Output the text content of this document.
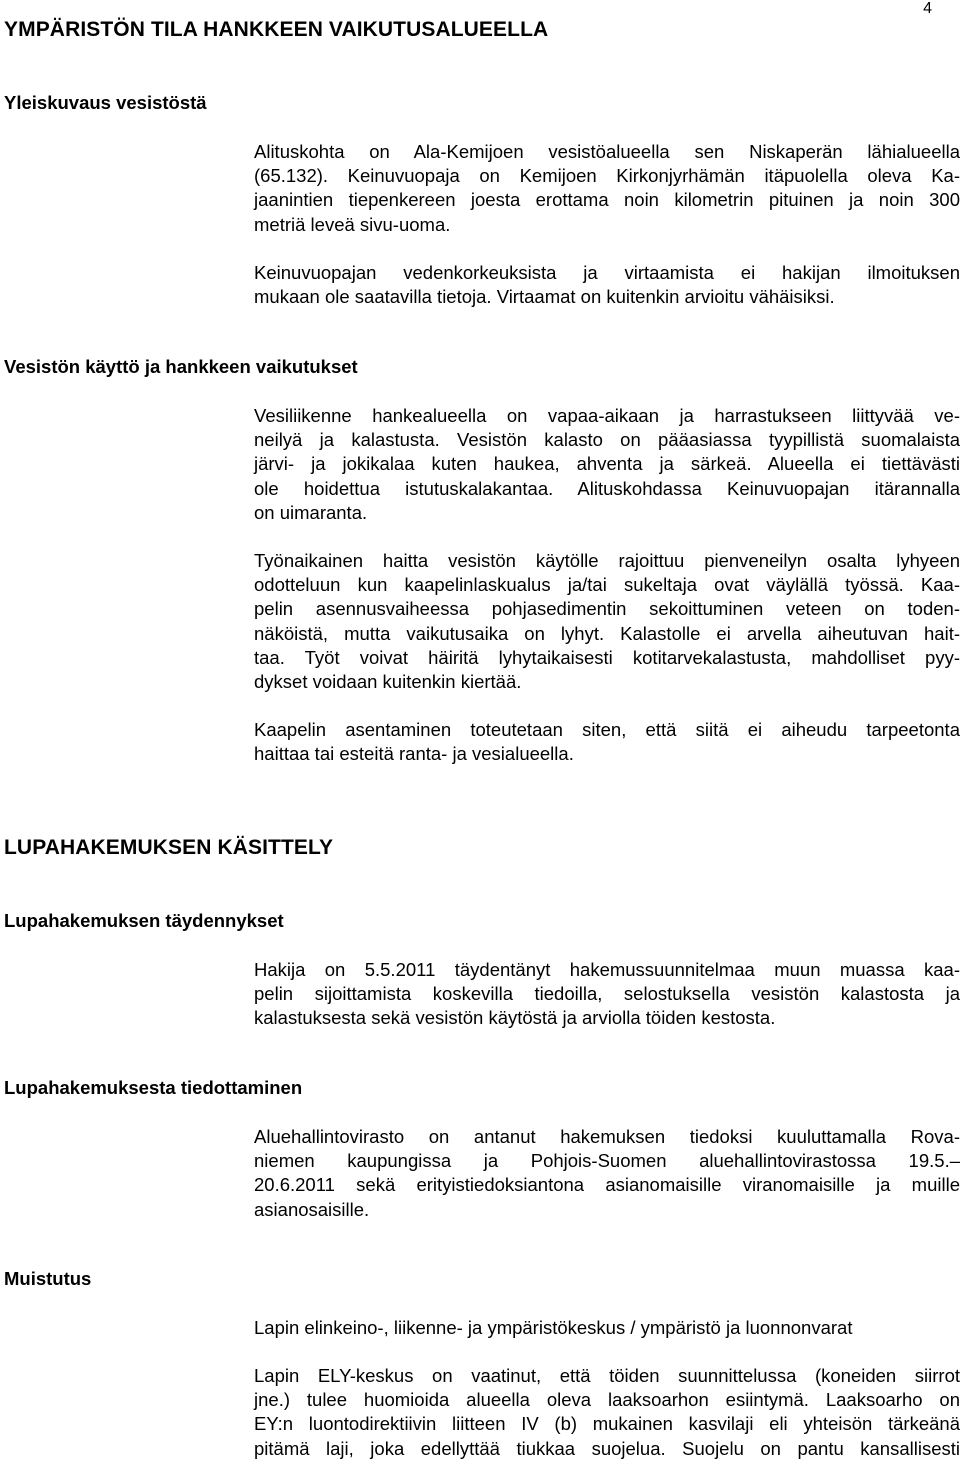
4
YMPÄRISTÖN TILA HANKKEEN VAIKUTUSALUEELLA
Yleiskuvaus vesistöstä
Alituskohta on Ala-Kemijoen vesistöalueella sen Niskaperän lähialueella
(65.132). Keinuvuopaja on Kemijoen Kirkonjyrhämän itäpuolella oleva Ka-
jaanintien tiepenkereen joesta erottama noin kilometrin pituinen ja noin 300
metriä leveä sivu-uoma.
Keinuvuopajan vedenkorkeuksista ja virtaamista ei hakijan ilmoituksen
mukaan ole saatavilla tietoja. Virtaamat on kuitenkin arvioitu vähäisiksi.
Vesistön käyttö ja hankkeen vaikutukset
Vesiliikenne hankealueella on vapaa-aikaan ja harrastukseen liittyvää ve-
neilyä ja kalastusta. Vesistön kalasto on pääasiassa tyypillistä suomalaista
järvi- ja jokikalaa kuten haukea, ahventa ja särkeä. Alueella ei tiettävästi
ole hoidettua istutuskalakantaa. Alituskohdassa Keinuvuopajan itärannalla
on uimaranta.
Työnaikainen haitta vesistön käytölle rajoittuu pienveneilyn osalta lyhyeen
odotteluun kun kaapelinlaskualus ja/tai sukeltaja ovat väylällä työssä. Kaa-
pelin asennusvaiheessa pohjasedimentin sekoittuminen veteen on toden-
näköistä, mutta vaikutusaika on lyhyt. Kalastolle ei arvella aiheutuvan hait-
taa. Työt voivat häiritä lyhytaikaisesti kotitarvekalastusta, mahdolliset pyy-
dykset voidaan kuitenkin kiertää.
Kaapelin asentaminen toteutetaan siten, että siitä ei aiheudu tarpeetonta
haittaa tai esteitä ranta- ja vesialueella.
LUPAHAKEMUKSEN KÄSITTELY
Lupahakemuksen täydennykset
Hakija on 5.5.2011 täydentänyt hakemussuunnitelmaa muun muassa kaa-
pelin sijoittamista koskevilla tiedoilla, selostuksella vesistön kalastosta ja
kalastuksesta sekä vesistön käytöstä ja arviolla töiden kestosta.
Lupahakemuksesta tiedottaminen
Aluehallintovirasto on antanut hakemuksen tiedoksi kuuluttamalla Rova-
niemen kaupungissa ja Pohjois-Suomen aluehallintovirastossa 19.5.–
20.6.2011 sekä erityistiedoksiantona asianomaisille viranomaisille ja muille
asianosaisille.
Muistutus
Lapin elinkeino-, liikenne- ja ympäristökeskus / ympäristö ja luonnonvarat
Lapin ELY-keskus on vaatinut, että töiden suunnittelussa (koneiden siirrot
jne.) tulee huomioida alueella oleva laaksoarhon esiintymä. Laaksoarho on
EY:n luontodirektiivin liitteen IV (b) mukainen kasvilaji eli yhteisön tärkeänä
pitämä laji, joka edellyttää tiukkaa suojelua. Suojelu on pantu kansallisesti
